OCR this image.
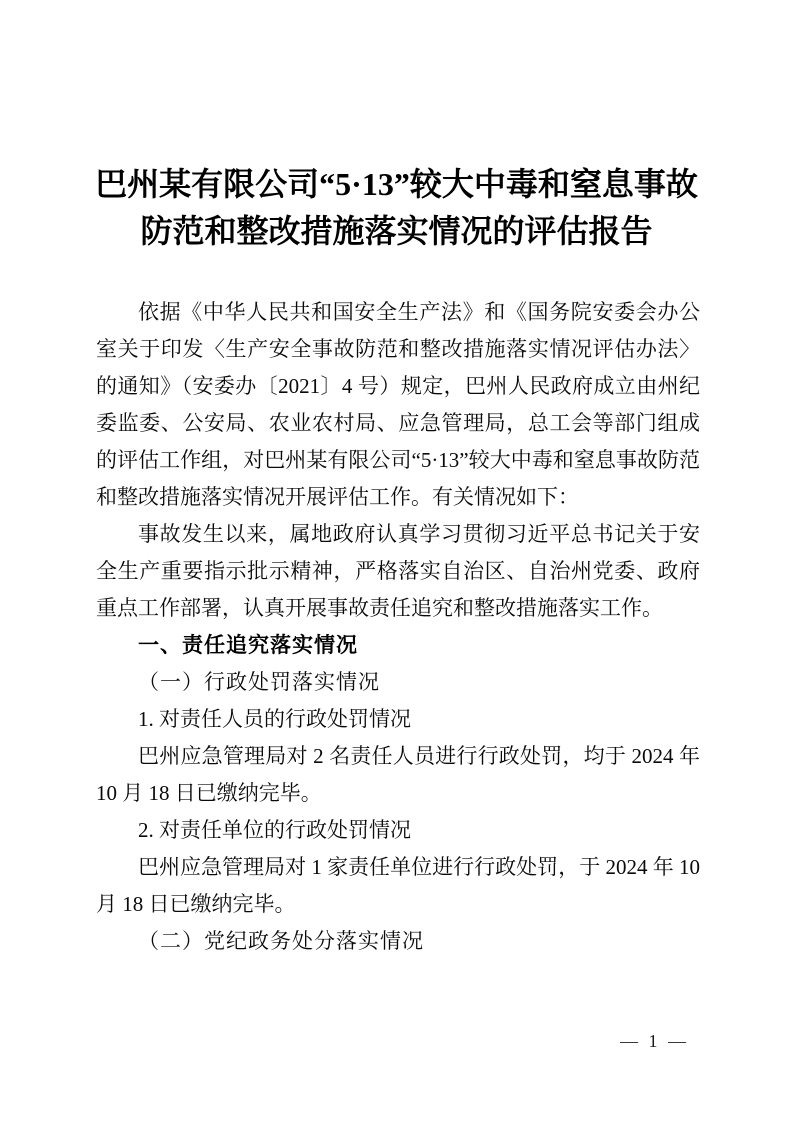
巴州某有限公司“5·13”较大中毒和窒息事故
防范和整改措施落实情况的评估报告

依据《中华人民共和国安全生产法》和《国务院安委会办公室关于印发〈生产安全事故防范和整改措施落实情况评估办法〉的通知》（安委办〔2021〕4 号）规定，巴州人民政府成立由州纪委监委、公安局、农业农村局、应急管理局，总工会等部门组成的评估工作组，对巴州某有限公司“5·13”较大中毒和窒息事故防范和整改措施落实情况开展评估工作。有关情况如下：

事故发生以来，属地政府认真学习贯彻习近平总书记关于安全生产重要指示批示精神，严格落实自治区、自治州党委、政府重点工作部署，认真开展事故责任追究和整改措施落实工作。

一、责任追究落实情况

（一）行政处罚落实情况

1. 对责任人员的行政处罚情况

巴州应急管理局对 2 名责任人员进行行政处罚，均于 2024 年 10 月 18 日已缴纳完毕。

2. 对责任单位的行政处罚情况

巴州应急管理局对 1 家责任单位进行行政处罚，于 2024 年 10 月 18 日已缴纳完毕。

（二）党纪政务处分落实情况

— 1 —
